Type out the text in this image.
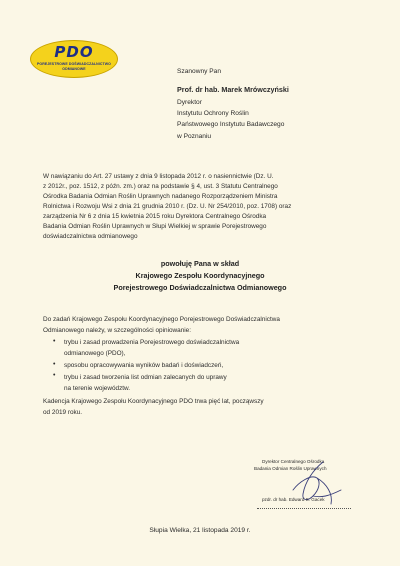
PDO
POREJESTROWE DOŚWIADCZALNICTWO
ODMIANOWE	Szanowny Pan
Prof. dr hab. Marek Mrówczyński
Dyrektor
Instytutu Ochrony Roślin
Państwowego Instytutu Badawczego
w Poznaniu
W nawiązaniu do Art. 27 ustawy z dnia 9 listopada 2012 r. o nasiennictwie (Dz. U.
z 2012r., poz. 1512, z późn. zm.) oraz na podstawie § 4, ust. 3 Statutu Centralnego
Ośrodka Badania Odmian Roślin Uprawnych nadanego Rozporządzeniem Ministra
Rolnictwa i Rozwoju Wsi z dnia 21 grudnia 2010 r. (Dz. U. Nr 254/2010, poz. 1708) oraz
zarządzenia Nr 6 z dnia 15 kwietnia 2015 roku Dyrektora Centralnego Ośrodka
Badania Odmian Roślin Uprawnych w Słupi Wielkiej w sprawie Porejestrowego
doświadczalnictwa odmianowego
powołuję Pana w skład
Krajowego Zespołu Koordynacyjnego
Porejestrowego Doświadczalnictwa Odmianowego
Do zadań Krajowego Zespołu Koordynacyjnego Porejestrowego Doświadczalnictwa
Odmianowego należy, w szczególności opiniowanie:
• trybu i zasad prowadzenia Porejestrowego doświadczalnictwa
odmianowego (PDO),
• sposobu opracowywania wyników badań i doświadczeń,
• trybu i zasad tworzenia list odmian zalecanych do uprawy
na terenie województw.
Kadencja Krajowego Zespołu Koordynacyjnego PDO trwa pięć lat, począwszy
od 2019 roku.
Dyrektor Centralnego Ośrodka
Badania Odmian Roślin Uprawnych
pzdr. dr hab. Edward S. Gacek
Słupia Wielka, 21 listopada 2019 r.
